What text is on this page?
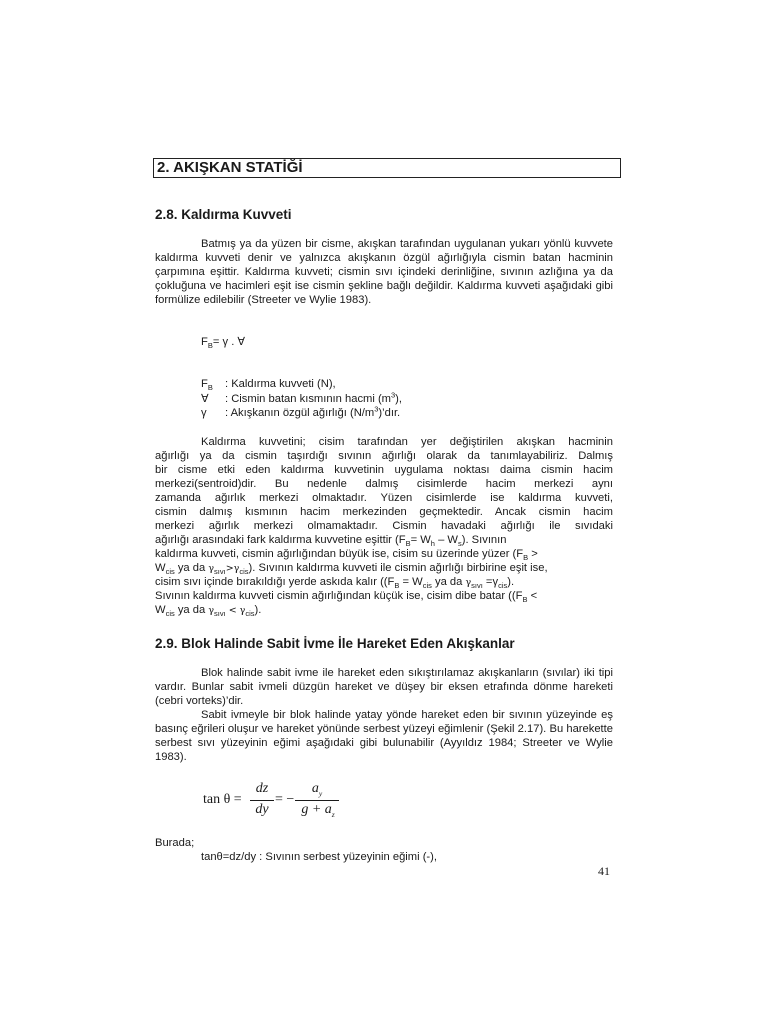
2. AKIŞKAN STATİĞİ
2.8. Kaldırma Kuvveti

Batmış ya da yüzen bir cisme, akışkan tarafından uygulanan yukarı yönlü kuvvete kaldırma kuvveti denir ve yalnızca akışkanın özgül ağırlığıyla cismin batan hacminin çarpımına eşittir. Kaldırma kuvveti; cismin sıvı içindeki derinliğine, sıvının azlığına ya da çokluğuna ve hacimleri eşit ise cismin şekline bağlı değildir. Kaldırma kuvveti aşağıdaki gibi formülize edilebilir (Streeter ve Wylie 1983).

$F_B= \gamma$ . ∀
$F_B$ : Kaldırma kuvveti (N),
∀ : Cismin batan kısmının hacmi $(m^3)$,
γ : Akışkanın özgül ağırlığı $(N/m^3)’dır$.
Kaldırma kuvvetini; cisim tarafından yer değiştirilen akışkan hacminin
ağırlığı ya da cismin taşırdığı sıvının ağırlığı olarak da tanımlayabiliriz. Dalmış
bir cisme etki eden kaldırma kuvvetinin uygulama noktası daima cismin hacim
merkezi(sentroid)dir. Bu nedenle dalmış cisimlerde hacim merkezi aynı
zamanda ağırlık merkezi olmaktadır. Yüzen cisimlerde ise kaldırma kuvveti,
cismin dalmış kısmının hacim merkezinden geçmektedir. Ancak cismin hacim
merkezi ağırlık merkezi olmamaktadır. Cismin havadaki ağırlığı ile sıvıdaki
ağırlığı arasındaki fark kaldırma kuvvetine eşittir $(F_B= W_h - W_s)$. Sıvının
kaldırma kuvveti, cismin ağırlığından büyük ise, cisim su üzerinde yüzer ($F_B$ >
$W_{cis}$ ya da $\gamma_{sıvı}>\gamma_{cis}$). Sıvının kaldırma kuvveti ile cismin ağırlığı birbirine eşit ise,
cisim sıvı içinde bırakıldığı yerde askıda kalır (($F_B = W_{cis}$ ya da $\gamma_{sıvı} =\gamma_{cis}$).
Sıvının kaldırma kuvveti cismin ağırlığından küçük ise, cisim dibe batar (($F_B$ <
$W_{cis}$ ya da $\gamma_{sıvı} < \gamma_{cis}$).
2.9. Blok Halinde Sabit İvme İle Hareket Eden Akışkanlar

Blok halinde sabit ivme ile hareket eden sıkıştırılamaz akışkanların (sıvılar) iki tipi vardır. Bunlar sabit ivmeli düzgün hareket ve düşey bir eksen etrafında dönme hareketi (cebri vorteks)’dir.

Sabit ivmeyle bir blok halinde yatay yönde hareket eden bir sıvının yüzeyinde eş basınç eğrileri oluşur ve hareket yönünde serbest yüzeyi eğimlenir (Şekil 2.17). Bu harekette serbest sıvı yüzeyinin eğimi aşağıdaki gibi bulunabilir (Ayyıldız 1984; Streeter ve Wylie 1983).

tan θ =
dz
dy
= −
$a_y$
$g + a_z$
Burada;
tanθ=dz/dy : Sıvının serbest yüzeyinin eğimi (-),
41
